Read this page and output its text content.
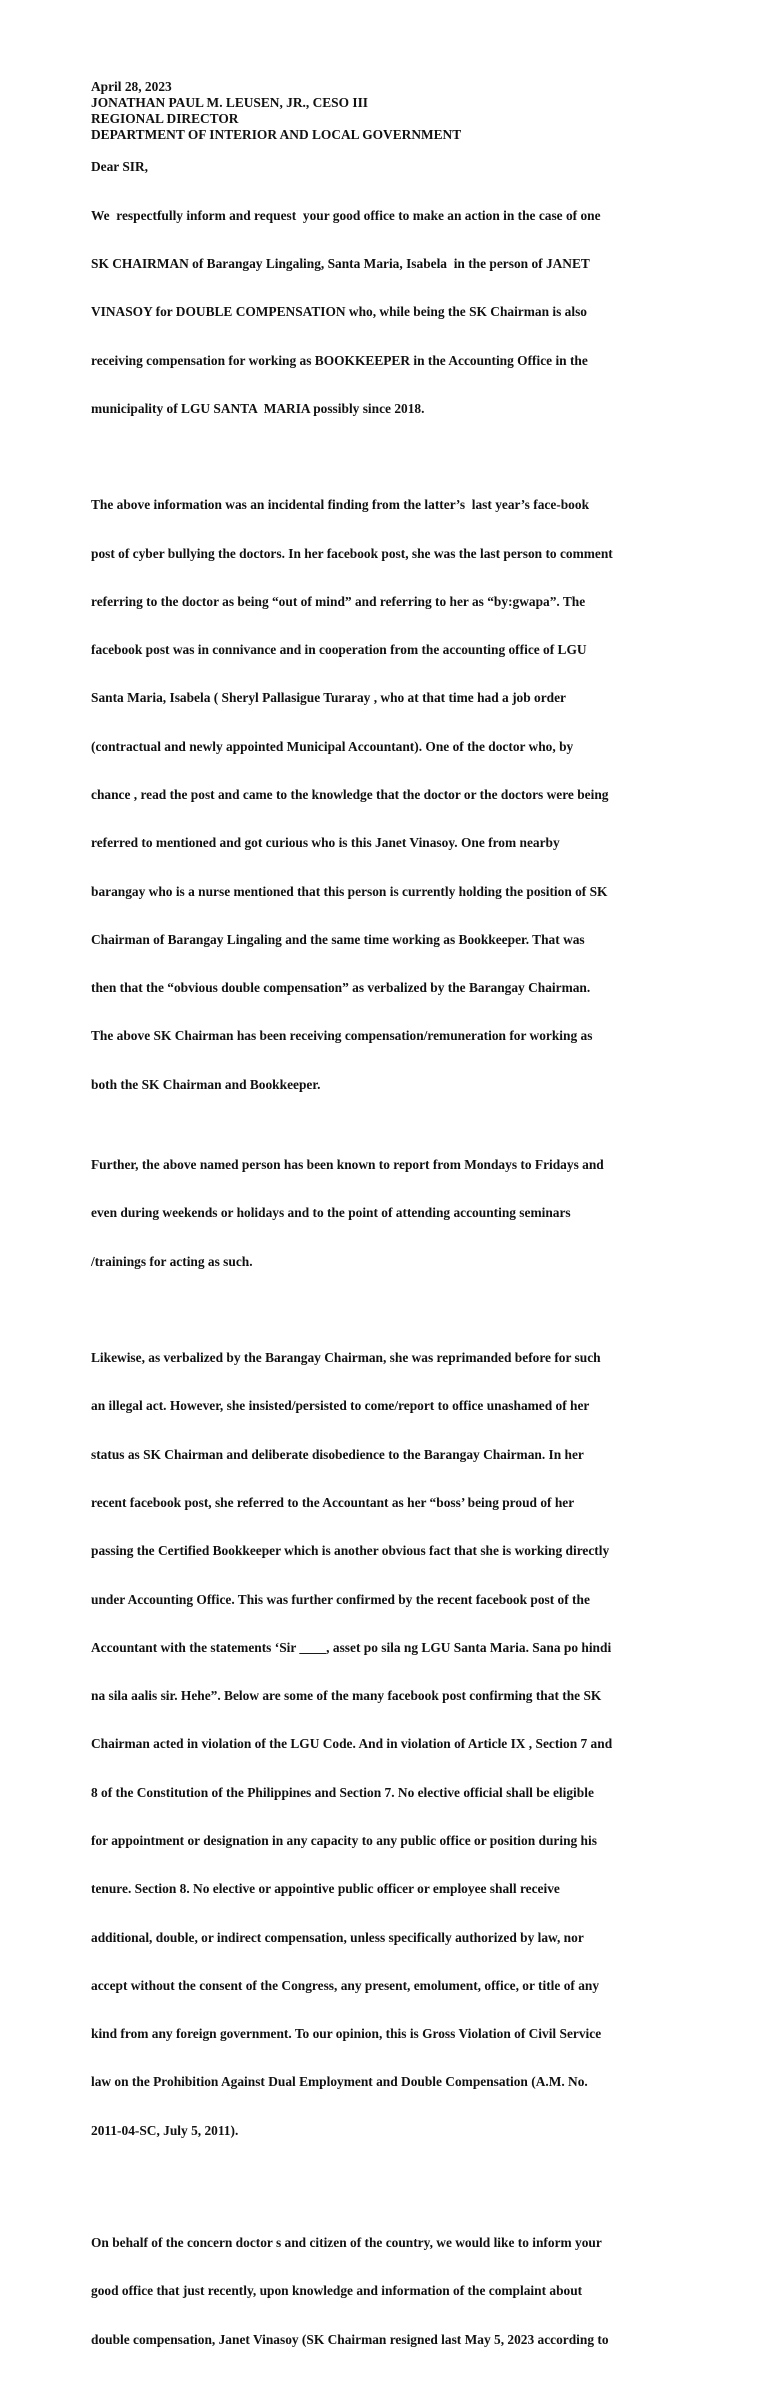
April 28, 2023
JONATHAN PAUL M. LEUSEN, JR., CESO III
REGIONAL DIRECTOR
DEPARTMENT OF INTERIOR AND LOCAL GOVERNMENT
Dear SIR,

We  respectfully inform and request  your good office to make an action in the case of one

SK CHAIRMAN of Barangay Lingaling, Santa Maria, Isabela  in the person of JANET

VINASOY for DOUBLE COMPENSATION who, while being the SK Chairman is also

receiving compensation for working as BOOKKEEPER in the Accounting Office in the

municipality of LGU SANTA  MARIA possibly since 2018.

The above information was an incidental finding from the latter’s  last year’s face-book

post of cyber bullying the doctors. In her facebook post, she was the last person to comment

referring to the doctor as being “out of mind” and referring to her as “by:gwapa”. The

facebook post was in connivance and in cooperation from the accounting office of LGU

Santa Maria, Isabela ( Sheryl Pallasigue Turaray , who at that time had a job order

(contractual and newly appointed Municipal Accountant). One of the doctor who, by

chance , read the post and came to the knowledge that the doctor or the doctors were being

referred to mentioned and got curious who is this Janet Vinasoy. One from nearby

barangay who is a nurse mentioned that this person is currently holding the position of SK

Chairman of Barangay Lingaling and the same time working as Bookkeeper. That was

then that the “obvious double compensation” as verbalized by the Barangay Chairman.

The above SK Chairman has been receiving compensation/remuneration for working as

both the SK Chairman and Bookkeeper.

Further, the above named person has been known to report from Mondays to Fridays and

even during weekends or holidays and to the point of attending accounting seminars

/trainings for acting as such.

Likewise, as verbalized by the Barangay Chairman, she was reprimanded before for such

an illegal act. However, she insisted/persisted to come/report to office unashamed of her

status as SK Chairman and deliberate disobedience to the Barangay Chairman. In her

recent facebook post, she referred to the Accountant as her “boss’ being proud of her

passing the Certified Bookkeeper which is another obvious fact that she is working directly

under Accounting Office. This was further confirmed by the recent facebook post of the

Accountant with the statements ‘Sir ____, asset po sila ng LGU Santa Maria. Sana po hindi

na sila aalis sir. Hehe”. Below are some of the many facebook post confirming that the SK

Chairman acted in violation of the LGU Code. And in violation of Article IX , Section 7 and

8 of the Constitution of the Philippines and Section 7. No elective official shall be eligible

for appointment or designation in any capacity to any public office or position during his

tenure. Section 8. No elective or appointive public officer or employee shall receive

additional, double, or indirect compensation, unless specifically authorized by law, nor

accept without the consent of the Congress, any present, emolument, office, or title of any

kind from any foreign government. To our opinion, this is Gross Violation of Civil Service

law on the Prohibition Against Dual Employment and Double Compensation (A.M. No.

2011-04-SC, July 5, 2011).

On behalf of the concern doctor s and citizen of the country, we would like to inform your

good office that just recently, upon knowledge and information of the complaint about

double compensation, Janet Vinasoy (SK Chairman resigned last May 5, 2023 according to
